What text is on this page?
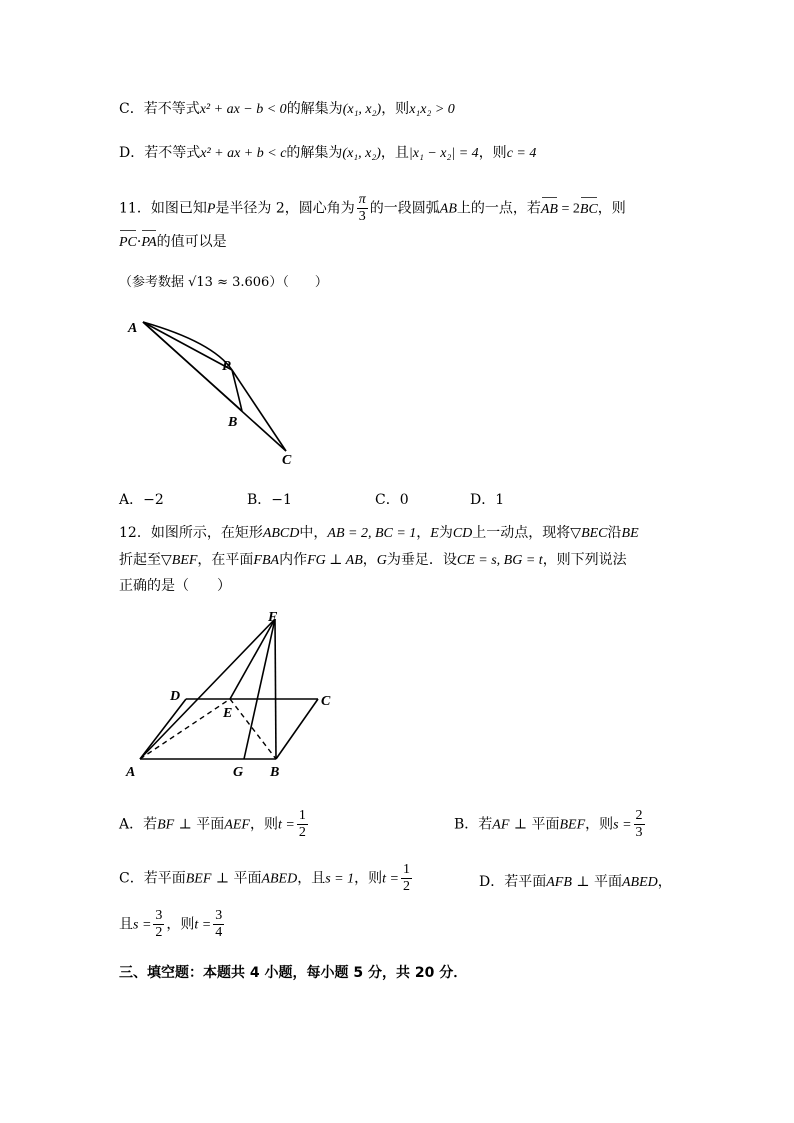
C．若不等式x² + ax − b < 0的解集为(x₁, x₂)，则x₁x₂ > 0
D．若不等式x² + ax + b < c的解集为(x₁, x₂)，且|x₁ − x₂| = 4，则c = 4
11．如图已知P是半径为 2，圆心角为 $\frac{\pi}{3}$ 的一段圆弧AB上的一点，若AB = 2BC，则
PC·PA的值可以是
（参考数据 √13 ≈ 3.606）（　　）
A
P
B
C
A．−2	B．−1	C．0	D．1
12．如图所示，在矩形ABCD中，AB = 2, BC = 1，E为CD上一动点，现将▽BEC沿BE
折起至▽BEF，在平面FBA内作FG ⊥ AB，G为垂足．设CE = s, BG = t，则下列说法
正确的是（　　）
F
D	C
E
A	G B
A．若BF ⊥ 平面AEF，则$t = \frac{1}{2}$	B．若AF ⊥ 平面BEF，则$s = \frac{2}{3}$
C．若平面BEF ⊥ 平面ABED，且s = 1，则$t = \frac{1}{2}$	D．若平面AFB ⊥ 平面ABED，
且$s = \frac{3}{2}$ ，则$t = \frac{3}{4}$
三、填空题：本题共 4 小题，每小题 5 分，共 20 分．
